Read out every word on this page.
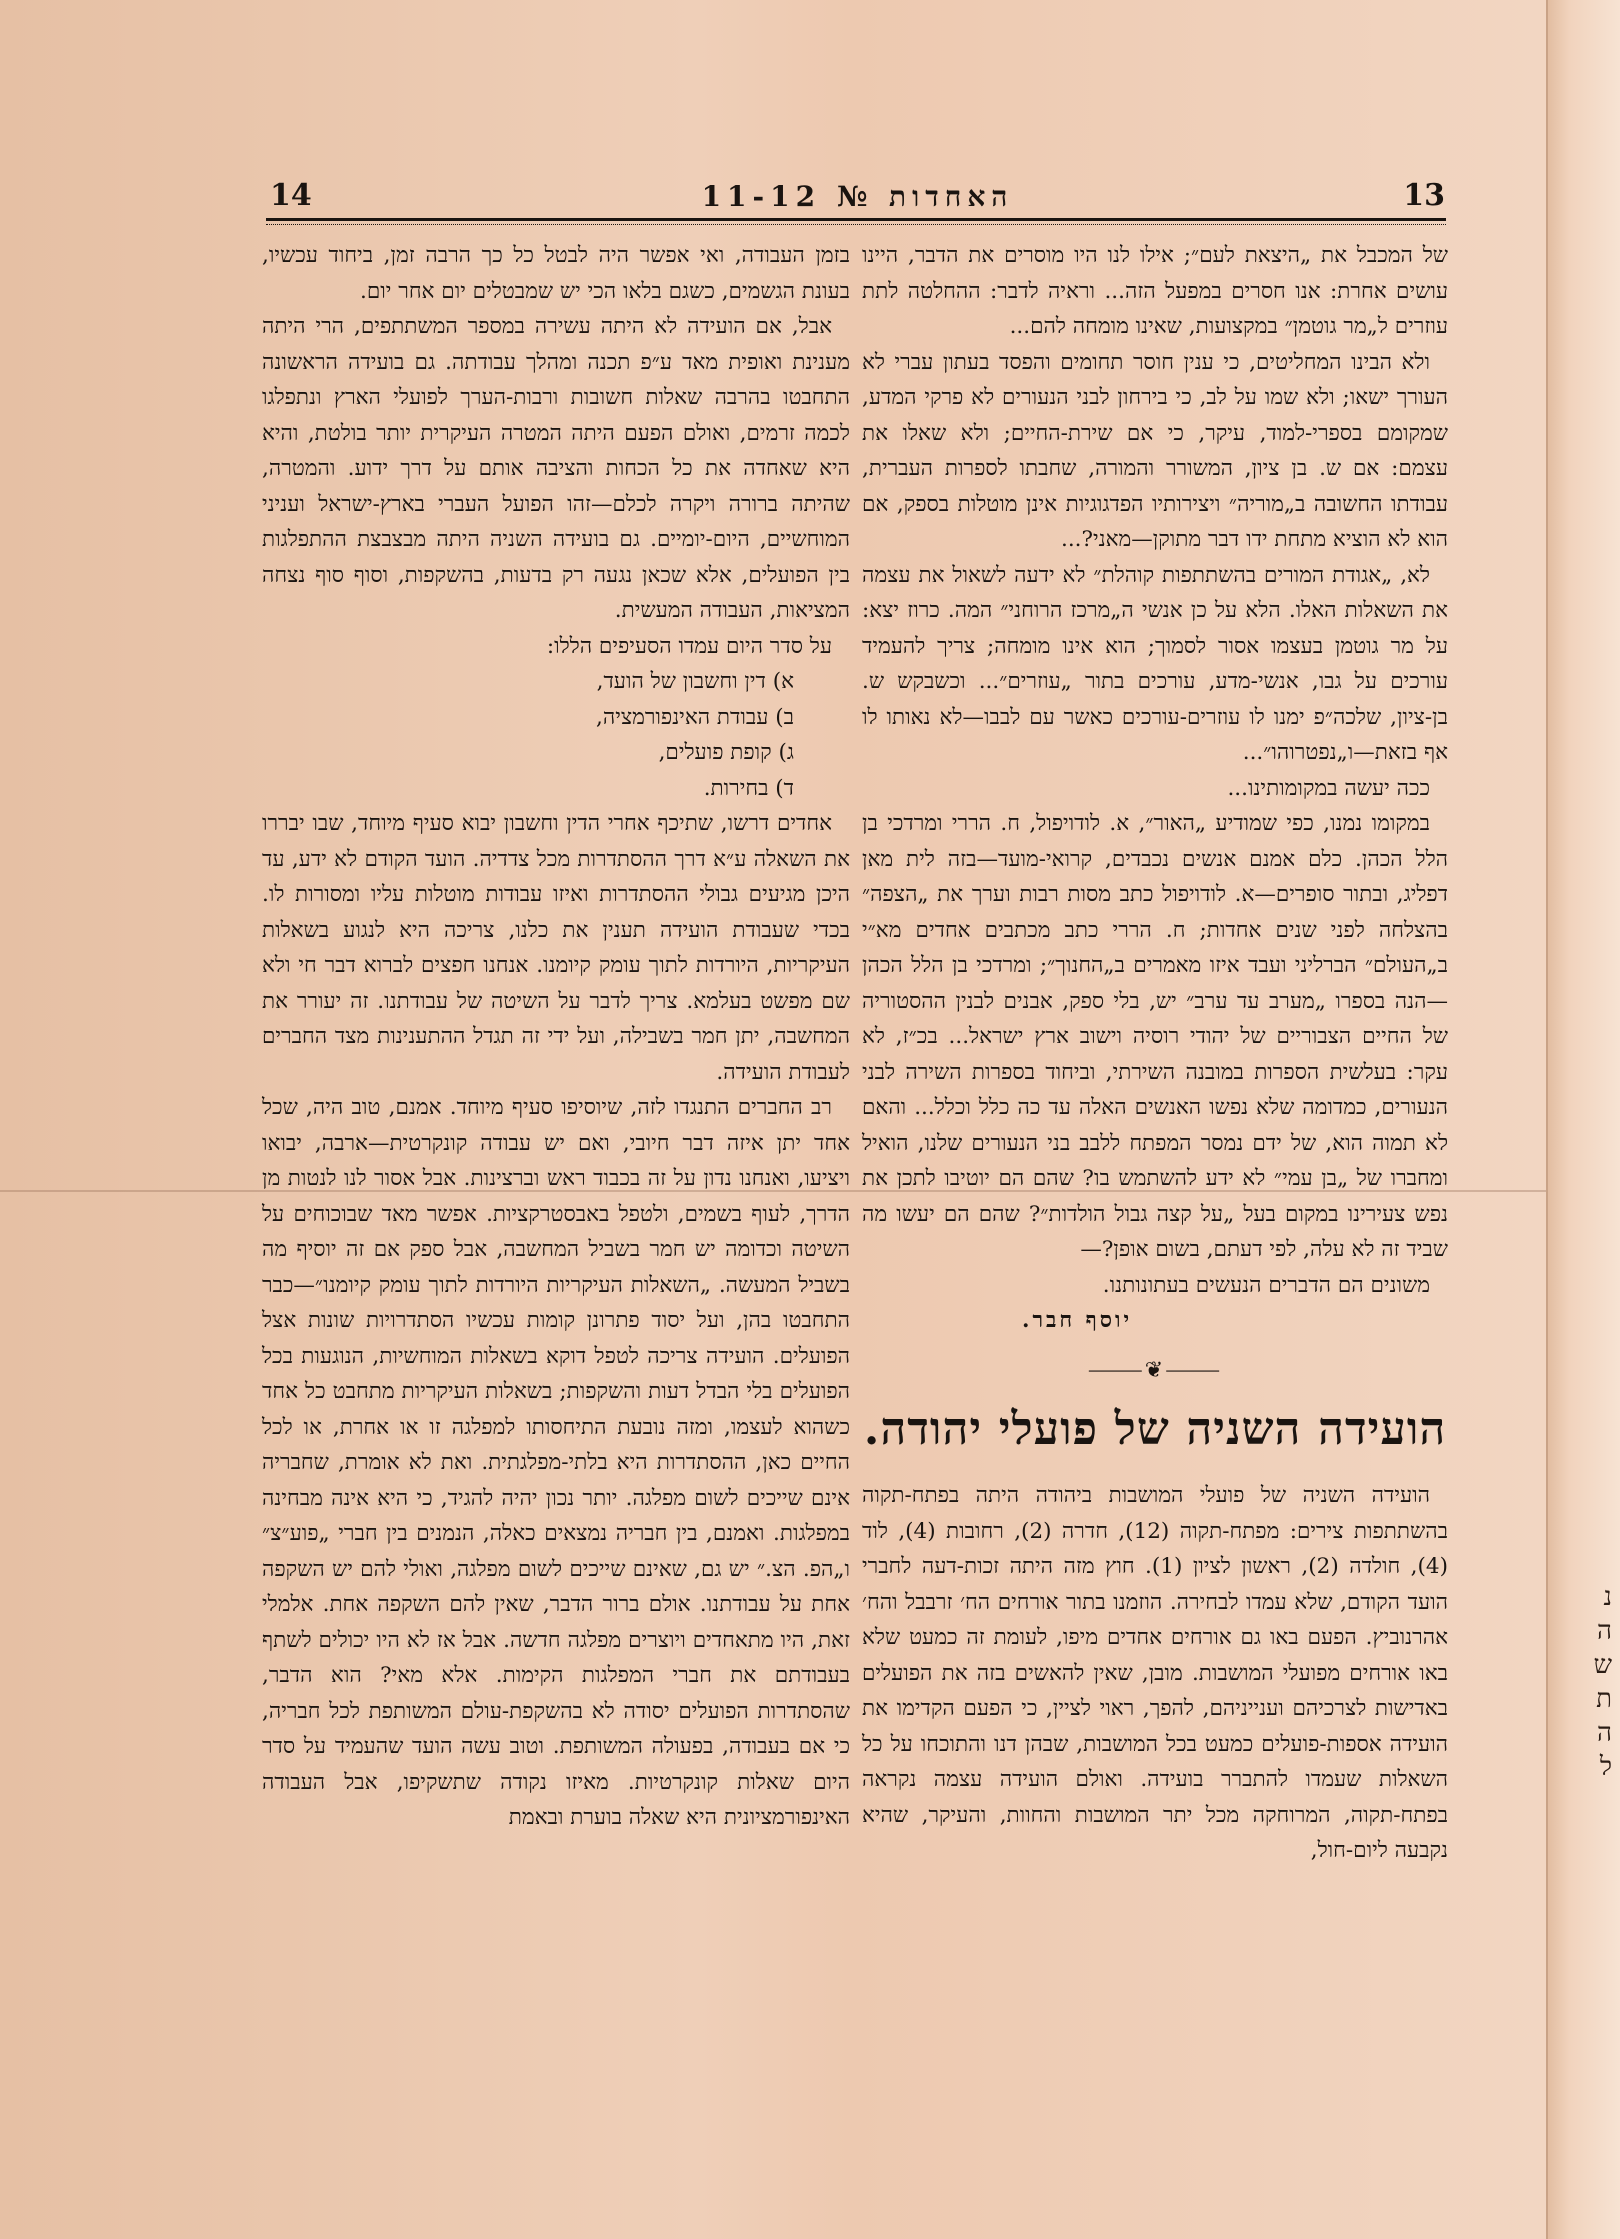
13
האחדות № 11-12
14

של המכבל את „היצאת לעם״; אילו לנו היו מוסרים את הדבר, היינו עושים אחרת: אנו חסרים במפעל הזה... וראיה לדבר: ההחלטה לתת עוזרים ל„מר גוטמן״ במקצועות, שאינו מומחה להם...

ולא הבינו המחליטים, כי ענין חוסר תחומים והפסד בעתון עברי לא העורך ישאו; ולא שמו על לב, כי בירחון לבני הנעורים לא פרקי המדע, שמקומם בספרי-למוד, עיקר, כי אם שירת-החיים; ולא שאלו את עצמם: אם ש. בן ציון, המשורר והמורה, שחבתו לספרות העברית, עבודתו החשובה ב„מוריה״ ויצירותיו הפדגוגיות אינן מוטלות בספק, אם הוא לא הוציא מתחת ידו דבר מתוקן—מאני?...

לא, „אגודת המורים בהשתתפות קוהלת״ לא ידעה לשאול את עצמה את השאלות האלו. הלא על כן אנשי ה„מרכז הרוחני״ המה. כרוז יצא: על מר גוטמן בעצמו אסור לסמוך; הוא אינו מומחה; צריך להעמיד עורכים על גבו, אנשי-מדע, עורכים בתור „עוזרים״... וכשבקש ש. בן-ציון, שלכה״פ ימנו לו עוזרים-עורכים כאשר עם לבבו—לא נאותו לו אף בזאת—ו„נפטרוהו״...

ככה יעשה במקומותינו...

במקומו נמנו, כפי שמודיע „האור״, א. לודויפול, ח. הררי ומרדכי בן הלל הכהן. כלם אמנם אנשים נכבדים, קרואי-מועד—בזה לית מאן דפליג, ובתור סופרים—א. לודויפול כתב מסות רבות וערך את „הצפה״ בהצלחה לפני שנים אחדות; ח. הררי כתב מכתבים אחדים מא״י ב„העולם״ הברליני ועבד איזו מאמרים ב„החנוך״; ומרדכי בן הלל הכהן—הנה בספרו „מערב עד ערב״ יש, בלי ספק, אבנים לבנין ההסטוריה של החיים הצבוריים של יהודי רוסיה וישוב ארץ ישראל... בכ״ז, לא עקר: בעלשית הספרות במובנה השירתי, וביחוד בספרות השירה לבני הנעורים, כמדומה שלא נפשו האנשים האלה עד כה כלל וכלל... והאם לא תמוה הוא, של ידם נמסר המפתח ללבב בני הנעורים שלנו, הואיל ומחברו של „בן עמי״ לא ידע להשתמש בו? שהם הם יוטיבו לתכן את נפש צעירינו במקום בעל „על קצה גבול הולדות״? שהם הם יעשו מה שביד זה לא עלה, לפי דעתם, בשום אופן?—

משונים הם הדברים הנעשים בעתונותנו.

יוסף חבר.
⸻❦⸻
הועידה השניה של פועלי יהודה.

הועידה השניה של פועלי המושבות ביהודה היתה בפתח-תקוה בהשתתפות צירים: מפתח-תקוה (12), חדרה (2), רחובות (4), לוד (4), חולדה (2), ראשון לציון (1). חוץ מזה היתה זכות-דעה לחברי הועד הקודם, שלא עמדו לבחירה. הוזמנו בתור אורחים הח׳ זרבבל והח׳ אהרנוביץ. הפעם באו גם אורחים אחדים מיפו, לעומת זה כמעט שלא באו אורחים מפועלי המושבות. מובן, שאין להאשים בזה את הפועלים באדישות לצרכיהם וענייניהם, להפך, ראוי לציין, כי הפעם הקדימו את הועידה אספות-פועלים כמעט בכל המושבות, שבהן דנו והתוכחו על כל השאלות שעמדו להתברר בועידה. ואולם הועידה עצמה נקראה בפתח-תקוה, המרוחקה מכל יתר המושבות והחוות, והעיקר, שהיא נקבעה ליום-חול,

בזמן העבודה, ואי אפשר היה לבטל כל כך הרבה זמן, ביחוד עכשיו, בעונת הגשמים, כשגם בלאו הכי יש שמבטלים יום אחר יום.

אבל, אם הועידה לא היתה עשירה במספר המשתתפים, הרי היתה מענינת ואופית מאד ע״פ תכנה ומהלך עבודתה. גם בועידה הראשונה התחבטו בהרבה שאלות חשובות ורבות-הערך לפועלי הארץ ונתפלגו לכמה זרמים, ואולם הפעם היתה המטרה העיקרית יותר בולטת, והיא היא שאחדה את כל הכחות והציבה אותם על דרך ידוע. והמטרה, שהיתה ברורה ויקרה לכלם—זהו הפועל העברי בארץ-ישראל ועניני המוחשיים, היום-יומיים. גם בועידה השניה היתה מבצבצת ההתפלגות בין הפועלים, אלא שכאן נגעה רק בדעות, בהשקפות, וסוף סוף נצחה המציאות, העבודה המעשית.

על סדר היום עמדו הסעיפים הללו:

א) דין וחשבון של הועד,
ב) עבודת האינפורמציה,
ג) קופת פועלים,
ד) בחירות.

אחדים דרשו, שתיכף אחרי הדין וחשבון יבוא סעיף מיוחד, שבו יבררו את השאלה ע״א דרך ההסתדרות מכל צדדיה. הועד הקודם לא ידע, עד היכן מגיעים גבולי ההסתדרות ואיזו עבודות מוטלות עליו ומסורות לו. בכדי שעבודת הועידה תענין את כלנו, צריכה היא לנגוע בשאלות העיקריות, היורדות לתוך עומק קיומנו. אנחנו חפצים לברוא דבר חי ולא שם מפשט בעלמא. צריך לדבר על השיטה של עבודתנו. זה יעורר את המחשבה, יתן חמר בשבילה, ועל ידי זה תגדל ההתענינות מצד החברים לעבודת הועידה.

רב החברים התנגדו לזה, שיוסיפו סעיף מיוחד. אמנם, טוב היה, שכל אחד יתן איזה דבר חיובי, ואם יש עבודה קונקרטית—ארבה, יבואו ויציעו, ואנחנו נדון על זה בכבוד ראש וברצינות. אבל אסור לנו לנטות מן הדרך, לעוף בשמים, ולטפל באבסטרקציות. אפשר מאד שבוכוחים על השיטה וכדומה יש חמר בשביל המחשבה, אבל ספק אם זה יוסיף מה בשביל המעשה. „השאלות העיקריות היורדות לתוך עומק קיומנו״—כבר התחבטו בהן, ועל יסוד פתרונן קומות עכשיו הסתדרויות שונות אצל הפועלים. הועידה צריכה לטפל דוקא בשאלות המוחשיות, הנוגעות בכל הפועלים בלי הבדל דעות והשקפות; בשאלות העיקריות מתחבט כל אחד כשהוא לעצמו, ומזה נובעת התיחסותו למפלגה זו או אחרת, או לכל החיים כאן, ההסתדרות היא בלתי-מפלגתית. ואת לא אומרת, שחבריה אינם שייכים לשום מפלגה. יותר נכון יהיה להגיד, כי היא אינה מבחינה במפלגות. ואמנם, בין חבריה נמצאים כאלה, הנמנים בין חברי „פוע״צ״ ו„הפ. הצ.״ יש גם, שאינם שייכים לשום מפלגה, ואולי להם יש השקפה אחת על עבודתנו. אולם ברור הדבר, שאין להם השקפה אחת. אלמלי זאת, היו מתאחדים ויוצרים מפלגה חדשה. אבל אז לא היו יכולים לשתף בעבודתם את חברי המפלגות הקימות. אלא מאי? הוא הדבר, שהסתדרות הפועלים יסודה לא בהשקפת-עולם המשותפת לכל חבריה, כי אם בעבודה, בפעולה המשותפת. וטוב עשה הועד שהעמיד על סדר היום שאלות קונקרטיות. מאיזו נקודה שתשקיפו, אבל העבודה האינפורמציונית היא שאלה בוערת ובאמת

נ
ה
ש
ת
ה
ל
